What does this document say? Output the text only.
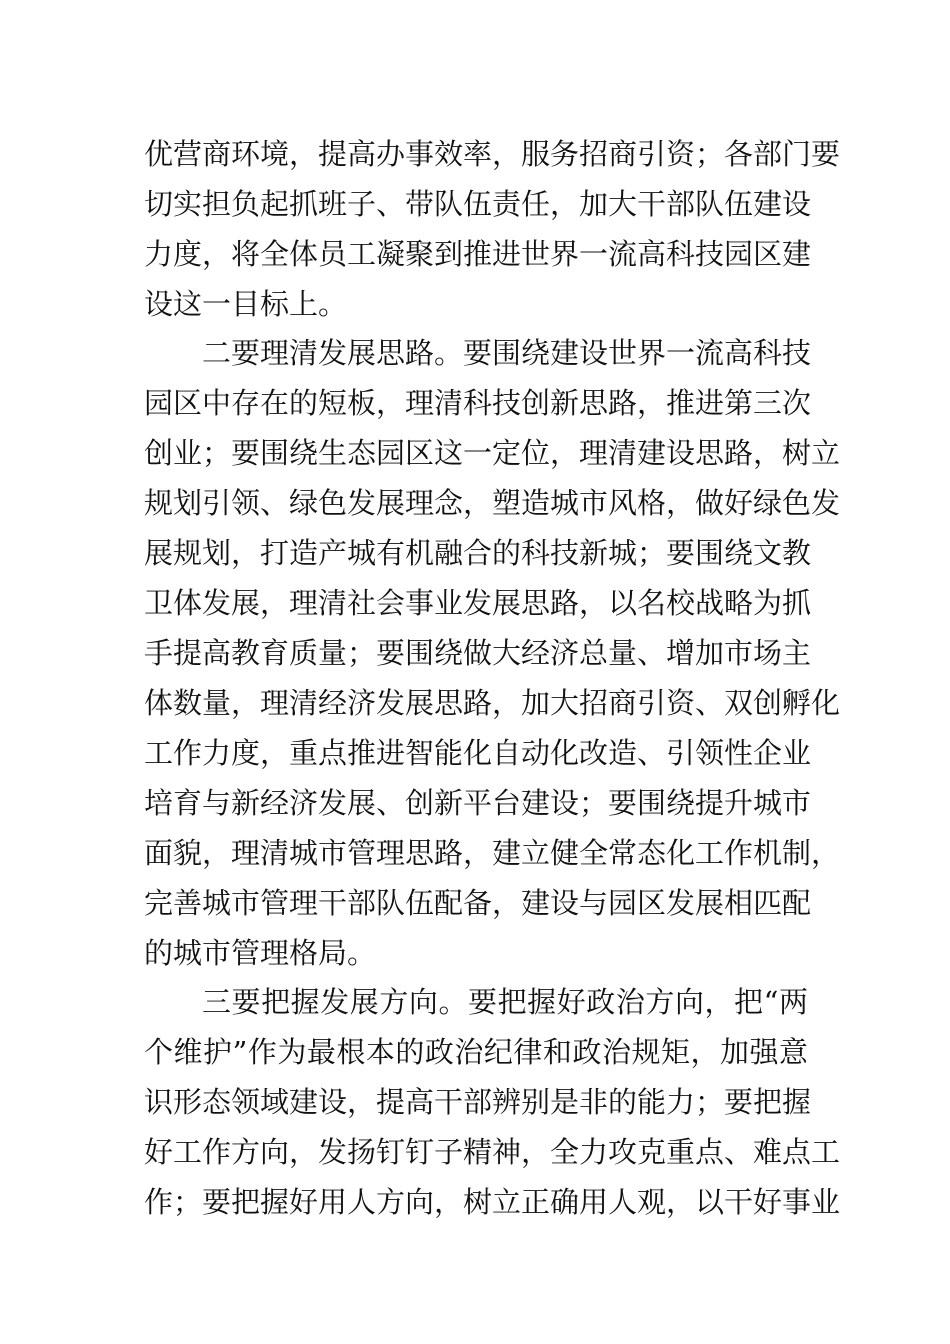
优营商环境，提高办事效率，服务招商引资；各部门要
切实担负起抓班子、带队伍责任，加大干部队伍建设
力度，将全体员工凝聚到推进世界一流高科技园区建
设这一目标上。
二要理清发展思路。要围绕建设世界一流高科技
园区中存在的短板，理清科技创新思路，推进第三次
创业；要围绕生态园区这一定位，理清建设思路，树立
规划引领、绿色发展理念，塑造城市风格，做好绿色发
展规划，打造产城有机融合的科技新城；要围绕文教
卫体发展，理清社会事业发展思路，以名校战略为抓
手提高教育质量；要围绕做大经济总量、增加市场主
体数量，理清经济发展思路，加大招商引资、双创孵化
工作力度，重点推进智能化自动化改造、引领性企业
培育与新经济发展、创新平台建设；要围绕提升城市
面貌，理清城市管理思路，建立健全常态化工作机制，
完善城市管理干部队伍配备，建设与园区发展相匹配
的城市管理格局。
三要把握发展方向。要把握好政治方向，把“两
个维护”作为最根本的政治纪律和政治规矩，加强意
识形态领域建设，提高干部辨别是非的能力；要把握
好工作方向，发扬钉钉子精神，全力攻克重点、难点工
作；要把握好用人方向，树立正确用人观，以干好事业
